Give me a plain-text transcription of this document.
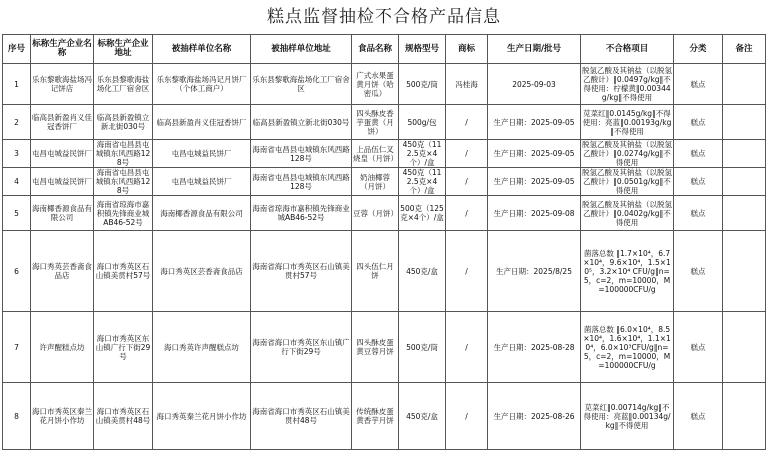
糕点监督抽检不合格产品信息
序号	标称生产企业名称	标称生产企业地址	被抽样单位名称	被抽样单位地址	食品名称	规格型号	商标	生产日期/批号	不合格项目	分类	备注
1	乐东黎歌海盐场冯记饼店	乐东县黎歌海盐场化工厂宿舍区	乐东黎歌海盐场冯记月饼厂（个体工商户）	乐东县黎歌海盐场化工厂宿舍区	广式水果蛋黄月饼（哈密瓜）	500克/筒	冯桂海	2025-09-03	脱氢乙酸及其钠盐（以脱氢乙酸计）‖0.0497g/kg‖不得使用：柠檬黄‖0.00344g/kg‖不得使用	糕点	
2	临高县新盈肖义佳冠香饼厂	临高县新盈镇立新北街030号	临高县新盈肖义佳冠香饼厂	临高县新盈镇立新北街030号	四头酥皮香芋蛋黄（月饼）	500g/包	/	生产日期：2025-09-05	苋菜红‖0.0145g/kg‖不得使用：亮蓝‖0.00193g/kg‖不得使用	糕点	
3	屯昌屯城益民饼厂	海南省屯昌县屯城镇东风西路128号	屯昌屯城益民饼厂	海南省屯昌县屯城镇东风西路128号	上品伍仁叉烧皇（月饼）	450克（112.5克×4个）/盒	/	生产日期：2025-09-05	脱氢乙酸及其钠盐（以脱氢乙酸计）‖0.0274g/kg‖不得使用	糕点	
4	屯昌屯城益民饼厂	海南省屯昌县屯城镇东风西路128号	屯昌屯城益民饼厂	海南省屯昌县屯城镇东风西路128号	奶油椰蓉（月饼）	450克（112.5克×4个）/盒	/	生产日期：2025-09-05	脱氢乙酸及其钠盐（以脱氢乙酸计）‖0.0501g/kg‖不得使用	糕点	
5	海南椰香源食品有限公司	海南省琼海市嘉积镇先锋商业城AB46-52号	海南椰香源食品有限公司	海南省琼海市嘉积镇先锋商业城AB46-52号	豆蓉（月饼）	500克（125克×4个）/盒	/	生产日期：2025-09-08	脱氢乙酸及其钠盐（以脱氢乙酸计）‖0.0402g/kg‖不得使用	糕点	
6	海口秀英芸香斋食品店	海口市秀英区石山镇美贯村57号	海口秀英区芸香斋食品店	海南省海口市秀英区石山镇美贯村57号	四头伍仁月饼	450克/盒	/	生产日期：2025/8/25	菌落总数 ‖1.7×10⁴，6.7×10⁴，9.6×10⁴，1.5×10⁵，3.2×10⁴ CFU/g‖n=5，c=2，m=10000，M=100000CFU/g	糕点	
7	许声醒糕点坊	海口市秀英区东山镇广行下街29号	海口秀英许声醒糕点坊	海南省海口市秀英区东山镇广行下街29号	四头酥皮蛋黄豆蓉月饼	500克/筒	/	生产日期：2025-08-28	菌落总数 ‖6.0×10⁴，8.5×10⁴，1.6×10⁴，1.1×10⁴，6.0×10³CFU/g‖n=5，c=2，m=10000，M=100000CFU/g	糕点	
8	海口市秀英区秦兰花月饼小作坊	海口市秀英区石山镇美贯村48号	海口秀英秦兰花月饼小作坊	海南省海口市秀英区石山镇美贯村48号	传统酥皮蛋黄香芋月饼	450克/盒	/	生产日期：2025-08-26	苋菜红‖0.00714g/kg‖不得使用：亮蓝‖0.00134g/kg‖不得使用	糕点	
